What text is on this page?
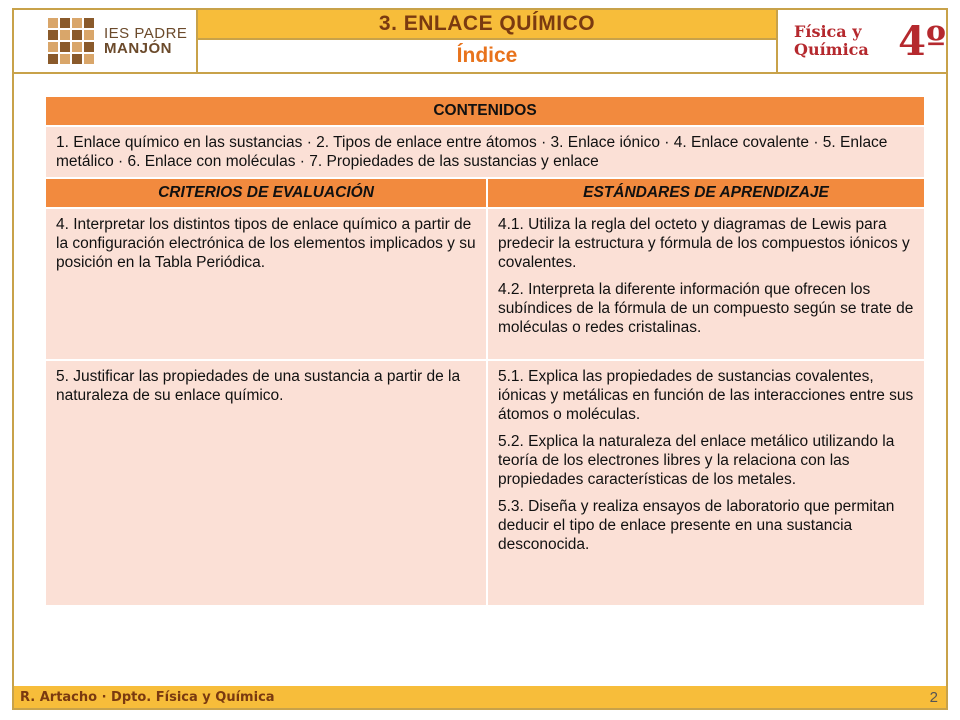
IES PADRE
MANJÓN
3. ENLACE QUÍMICO
Índice
Física y Química 4º
CONTENIDOS	
1. Enlace químico en las sustancias · 2. Tipos de enlace entre átomos · 3. Enlace iónico · 4. Enlace covalente · 5. Enlace metálico · 6. Enlace con moléculas · 7. Propiedades de las sustancias y enlace	
CRITERIOS DE EVALUACIÓN	ESTÁNDARES DE APRENDIZAJE

4. Interpretar los distintos tipos de enlace químico a partir de la configuración electrónica de los elementos implicados y su posición en la Tabla Periódica.	4.1. Utiliza la regla del octeto y diagramas de Lewis para predecir la estructura y fórmula de los compuestos iónicos y covalentes.

4.2. Interpreta la diferente información que ofrecen los subíndices de la fórmula de un compuesto según se trate de moléculas o redes cristalinas.

5. Justificar las propiedades de una sustancia a partir de la naturaleza de su enlace químico.	5.1. Explica las propiedades de sustancias covalentes, iónicas y metálicas en función de las interacciones entre sus átomos o moléculas.

5.2. Explica la naturaleza del enlace metálico utilizando la teoría de los electrones libres y la relaciona con las propiedades características de los metales.

5.3. Diseña y realiza ensayos de laboratorio que permitan deducir el tipo de enlace presente en una sustancia desconocida.

R. Artacho · Dpto. Física y Química	2
